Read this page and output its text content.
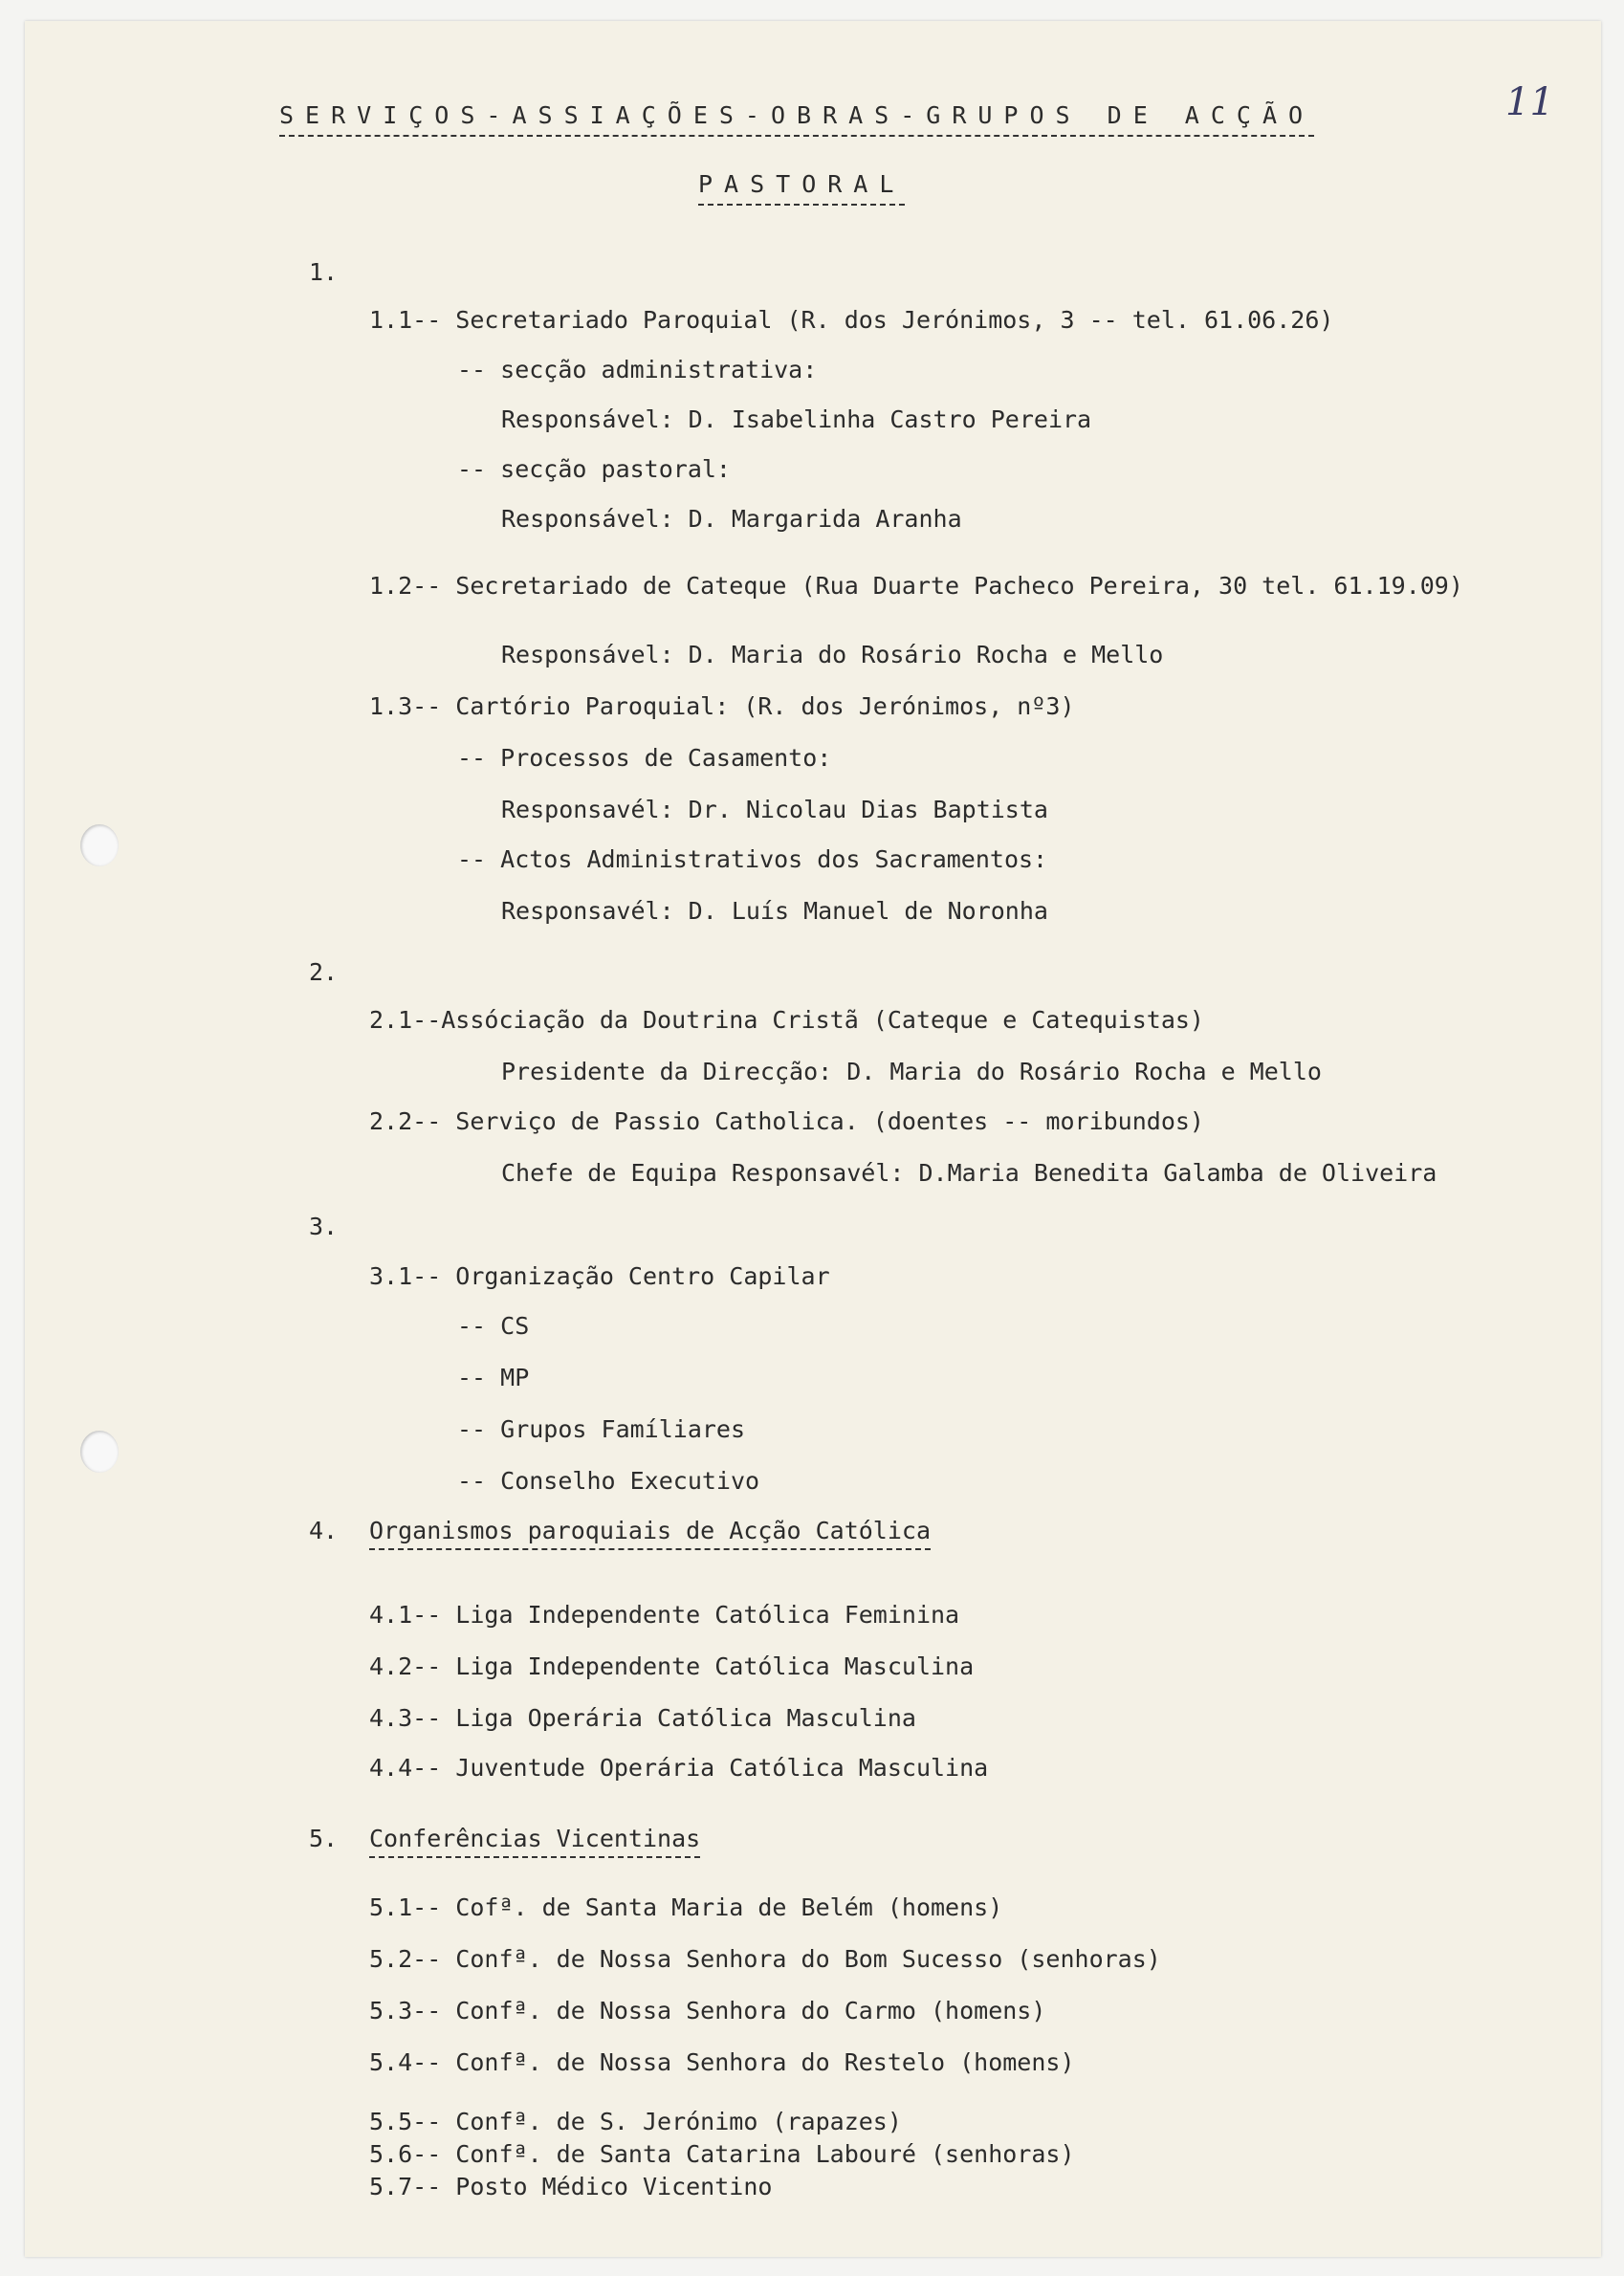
SERVIÇOS-ASSIAÇÕES-OBRAS-GRUPOS DE ACÇÃO
PASTORAL
11
1.
1.1-- Secretariado Paroquial (R. dos Jerónimos, 3 -- tel. 61.06.26)
-- secção administrativa:
Responsável: D. Isabelinha Castro Pereira
-- secção pastoral:
Responsável: D. Margarida Aranha
1.2-- Secretariado de Cateque (Rua Duarte Pacheco Pereira, 30 tel. 61.19.09)
Responsável: D. Maria do Rosário Rocha e Mello
1.3-- Cartório Paroquial: (R. dos Jerónimos, nº3)
-- Processos de Casamento:
Responsavél: Dr. Nicolau Dias Baptista
-- Actos Administrativos dos Sacramentos:
Responsavél: D. Luís Manuel de Noronha
2.
2.1--Assóciação da Doutrina Cristã (Cateque e Catequistas)
Presidente da Direcção: D. Maria do Rosário Rocha e Mello
2.2-- Serviço de Passio Catholica. (doentes -- moribundos)
Chefe de Equipa Responsavél: D.Maria Benedita Galamba de Oliveira
3.
3.1-- Organização Centro Capilar
-- CS
-- MP
-- Grupos Famíliares
-- Conselho Executivo
4. Organismos paroquiais de Acção Católica
4.1-- Liga Independente Católica Feminina
4.2-- Liga Independente Católica Masculina
4.3-- Liga Operária Católica Masculina
4.4-- Juventude Operária Católica Masculina
5. Conferências Vicentinas
5.1-- Cofª. de Santa Maria de Belém (homens)
5.2-- Confª. de Nossa Senhora do Bom Sucesso (senhoras)
5.3-- Confª. de Nossa Senhora do Carmo (homens)
5.4-- Confª. de Nossa Senhora do Restelo (homens)
5.5-- Confª. de S. Jerónimo (rapazes)
5.6-- Confª. de Santa Catarina Labouré (senhoras)
5.7-- Posto Médico Vicentino
